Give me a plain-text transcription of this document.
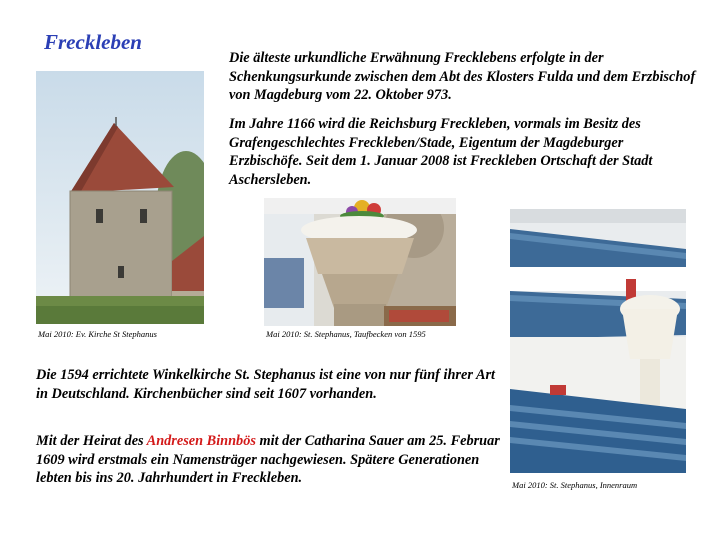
Freckleben

Die älteste urkundliche Erwähnung Frecklebens erfolgte in der Schenkungsurkunde zwischen dem Abt des Klosters Fulda und dem Erzbischof von Magdeburg vom 22. Oktober 973.

Im Jahre 1166 wird die Reichsburg Freckleben, vormals im Besitz des Grafengeschlechtes Freckleben/Stade, Eigentum der Magdeburger Erzbischöfe. Seit dem 1. Januar 2008 ist Freckleben Ortschaft der Stadt Aschersleben.

Mai 2010: Ev. Kirche St Stephanus	Mai 2010: St. Stephanus, Taufbecken von 1595
Mai 2010: St. Stephanus, Innenraum

Die 1594 errichtete Winkelkirche St. Stephanus ist eine von nur fünf ihrer Art in Deutschland. Kirchenbücher sind seit 1607 vorhanden.

Mit der Heirat des Andresen Binnbös mit der Catharina Sauer am 25. Februar 1609 wird erstmals ein Namensträger nachgewiesen. Spätere Generationen lebten bis ins 20. Jahrhundert in Freckleben.
